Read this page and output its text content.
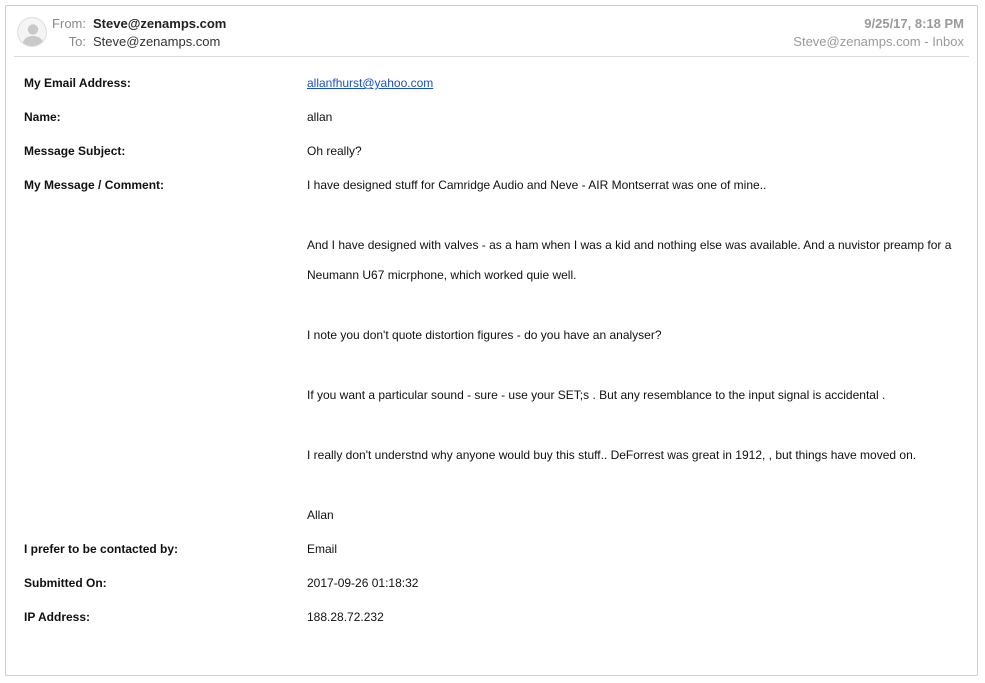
From: Steve@zenamps.com
To: Steve@zenamps.com
9/25/17, 8:18 PM
Steve@zenamps.com - Inbox
My Email Address:	allanfhurst@yahoo.com
Name:	allan
Message Subject:	Oh really?
My Message / Comment:	I have designed stuff for Camridge Audio and Neve - AIR Montserrat was one of mine..
And I have designed with valves - as a ham when I was a kid and nothing else was available. And a nuvistor preamp for a
Neumann U67 micrphone, which worked quie well.
I note you don't quote distortion figures - do you have an analyser?
If you want a particular sound - sure - use your SET;s . But any resemblance to the input signal is accidental .
I really don't understnd why anyone would buy this stuff.. DeForrest was great in 1912, , but things have moved on.
Allan
I prefer to be contacted by:	Email
Submitted On:	2017-09-26 01:18:32
IP Address:	188.28.72.232
